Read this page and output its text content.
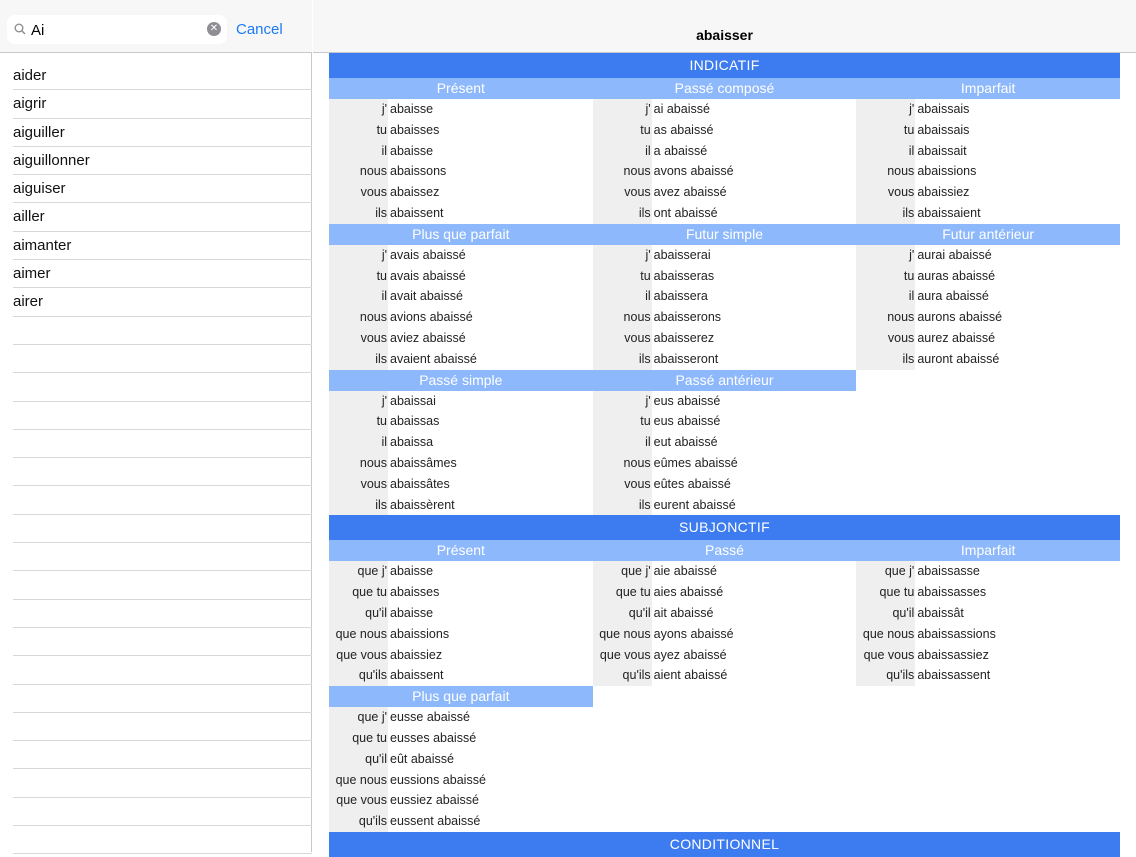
Ai
✕ Cancel
aider
aigrir
aiguiller
aiguillonner
aiguiser
ailler
aimanter
aimer
airer
abaisser
INDICATIF
Présent
j' abaisse
tu abaisses
il abaisse
nous abaissons
vous abaissez
ils abaissent
Passé composé
j' ai abaissé
tu as abaissé
il a abaissé
nous avons abaissé
vous avez abaissé
ils ont abaissé
Imparfait
j' abaissais
tu abaissais
il abaissait
nous abaissions
vous abaissiez
ils abaissaient
Plus que parfait
j' avais abaissé
tu avais abaissé
il avait abaissé
nous avions abaissé
vous aviez abaissé
ils avaient abaissé
Futur simple
j' abaisserai
tu abaisseras
il abaissera
nous abaisserons
vous abaisserez
ils abaisseront
Futur antérieur
j' aurai abaissé
tu auras abaissé
il aura abaissé
nous aurons abaissé
vous aurez abaissé
ils auront abaissé
Passé simple
j' abaissai
tu abaissas
il abaissa
nous abaissâmes
vous abaissâtes
ils abaissèrent
Passé antérieur
j' eus abaissé
tu eus abaissé
il eut abaissé
nous eûmes abaissé
vous eûtes abaissé
ils eurent abaissé
SUBJONCTIF
Présent
que j' abaisse
que tu abaisses
qu'il abaisse
que nous abaissions
que vous abaissiez
qu'ils abaissent
Passé
que j' aie abaissé
que tu aies abaissé
qu'il ait abaissé
que nous ayons abaissé
que vous ayez abaissé
qu'ils aient abaissé
Imparfait
que j' abaissasse
que tu abaissasses
qu'il abaissât
que nous abaissassions
que vous abaissassiez
qu'ils abaissassent
Plus que parfait
que j' eusse abaissé
que tu eusses abaissé
qu'il eût abaissé
que nous eussions abaissé
que vous eussiez abaissé
qu'ils eussent abaissé
CONDITIONNEL
